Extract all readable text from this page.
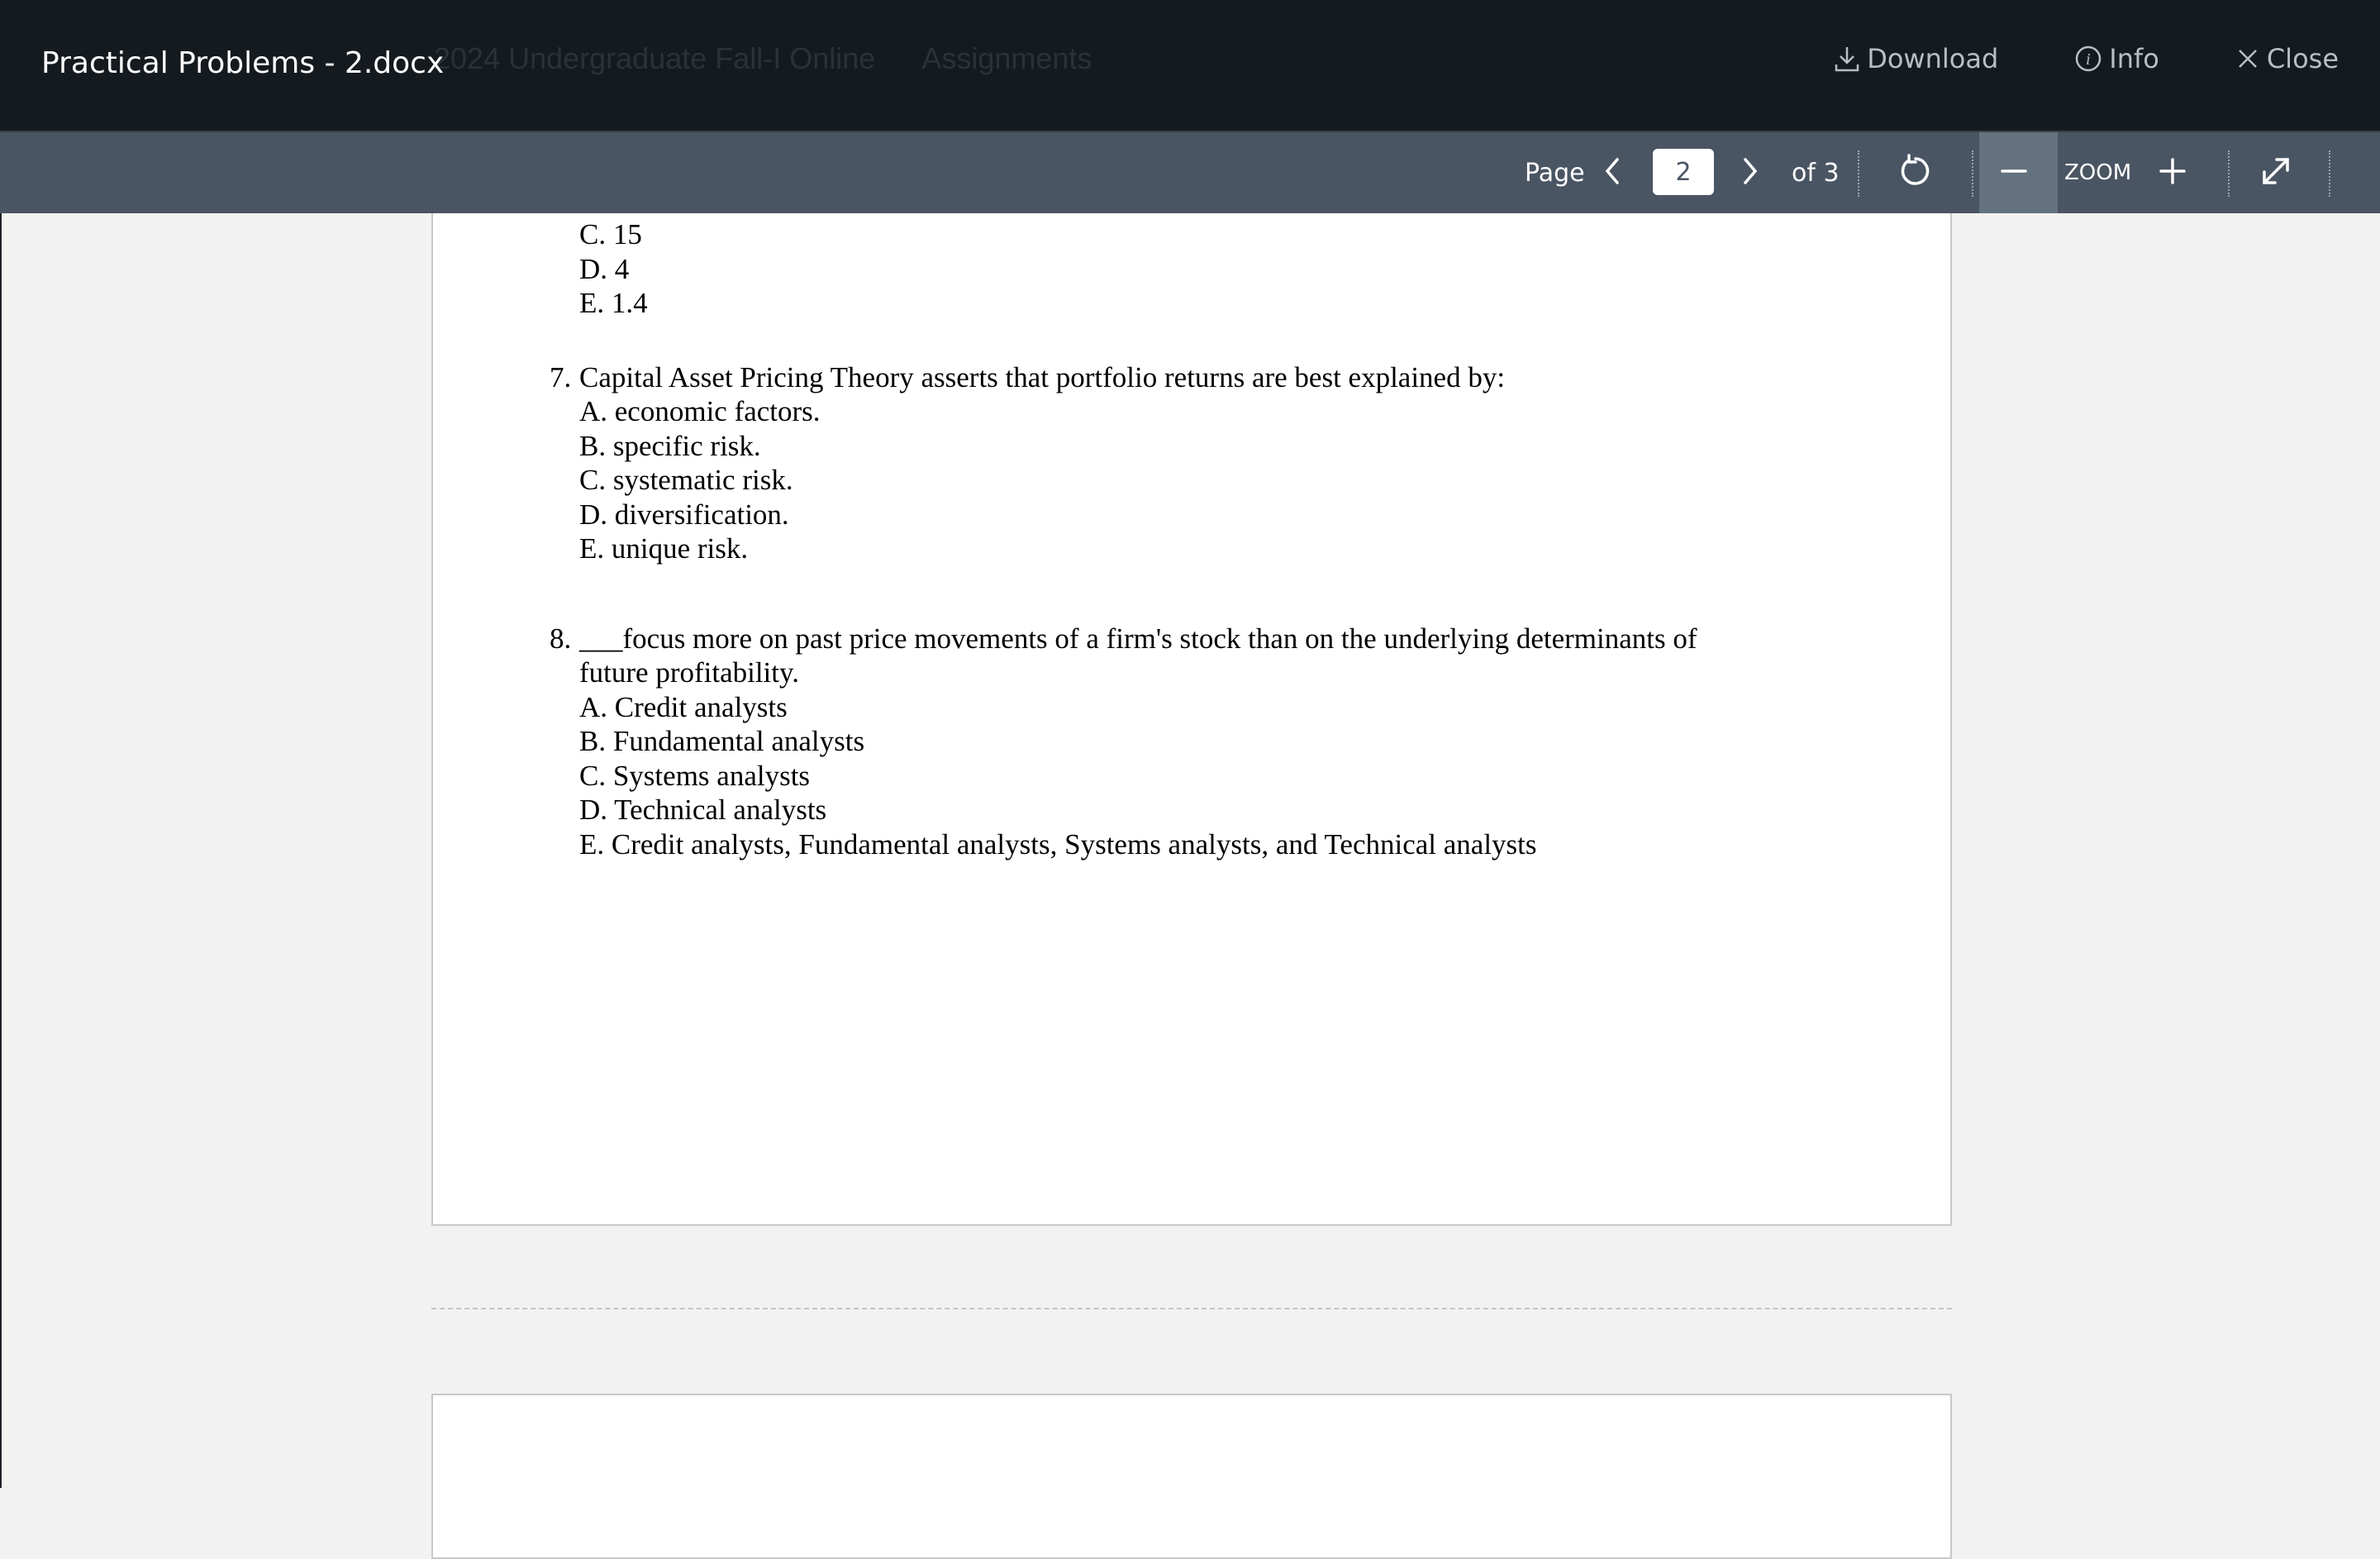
2024 Undergraduate Fall-I Online Assignments
Practical Problems - 2.docx	Download	i Info	Close
Page
2	of 3	ZOOM
C. 15
D. 4
E. 1.4
7. Capital Asset Pricing Theory asserts that portfolio returns are best explained by:
A. economic factors.
B. specific risk.
C. systematic risk.
D. diversification.
E. unique risk.
8. ___focus more on past price movements of a firm's stock than on the underlying determinants of
future profitability.
A. Credit analysts
B. Fundamental analysts
C. Systems analysts
D. Technical analysts
E. Credit analysts, Fundamental analysts, Systems analysts, and Technical analysts
